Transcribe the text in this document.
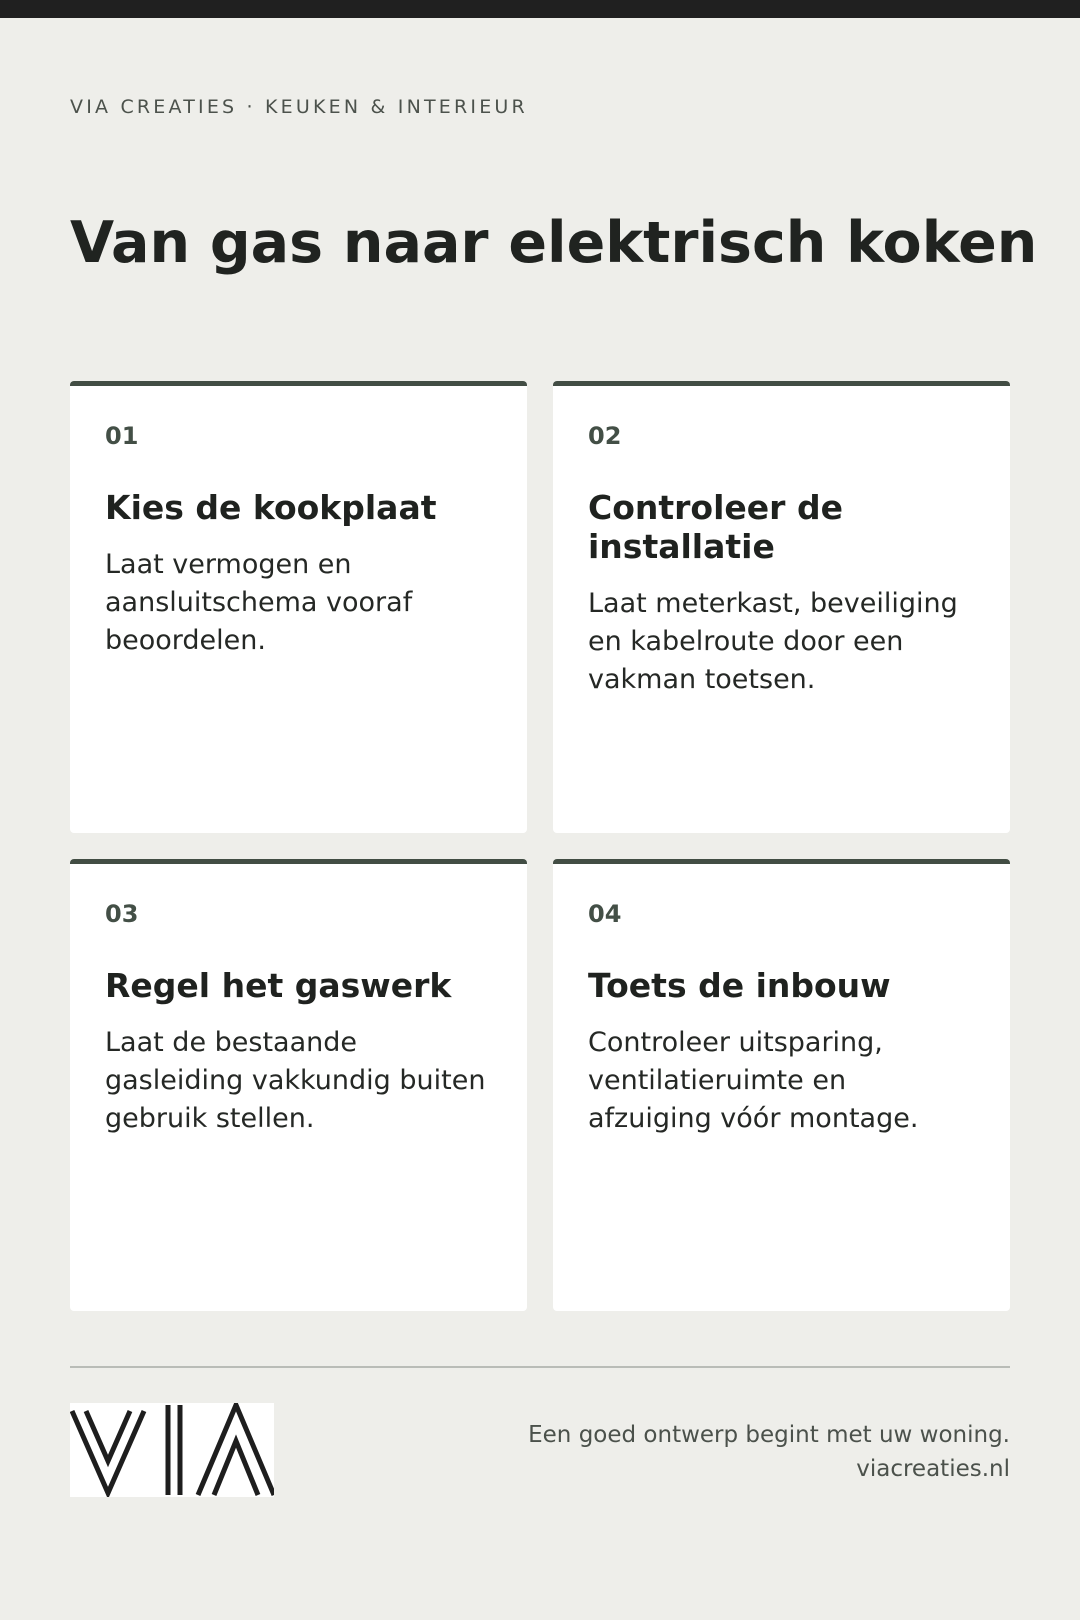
VIA CREATIES · KEUKEN & INTERIEUR
Van gas naar elektrisch koken

01

Kies de kookplaat

Laat vermogen en aansluitschema vooraf beoordelen.

02

Controleer de installatie

Laat meterkast, beveiliging en kabelroute door een vakman toetsen.

03

Regel het gaswerk

Laat de bestaande gasleiding vakkundig buiten gebruik stellen.

04

Toets de inbouw

Controleer uitsparing, ventilatieruimte en afzuiging vóór montage.

Een goed ontwerp begint met uw woning.
viacreaties.nl
